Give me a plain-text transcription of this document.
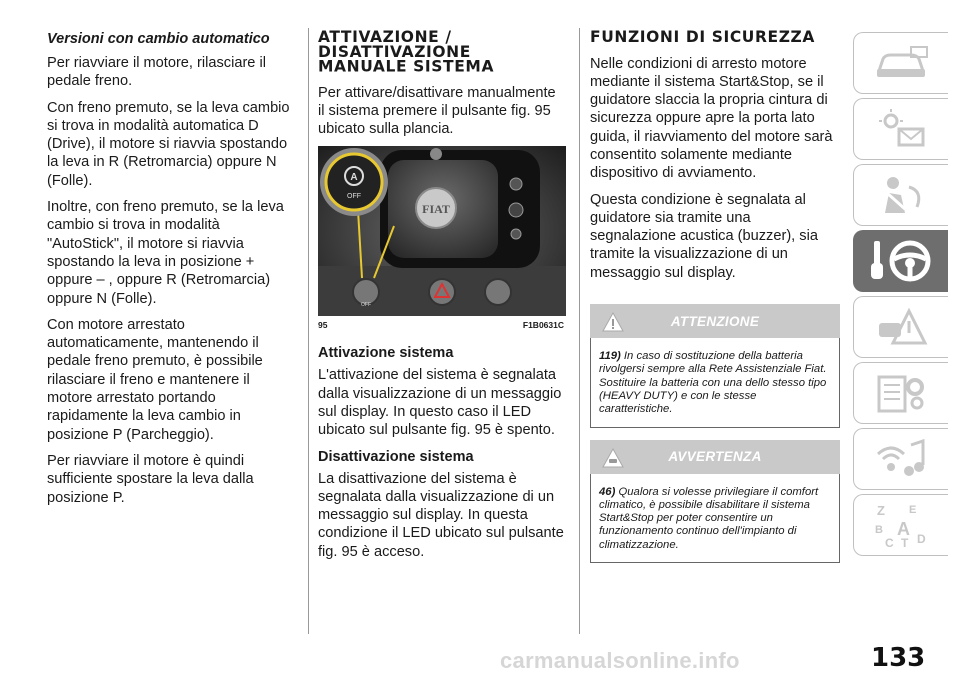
Versioni con cambio automatico

Per riavviare il motore, rilasciare il pedale freno.

Con freno premuto, se la leva cambio si trova in modalità automatica D (Drive), il motore si riavvia spostando la leva in R (Retromarcia) oppure N (Folle).

Inoltre, con freno premuto, se la leva cambio si trova in modalità "AutoStick", il motore si riavvia spostando la leva in posizione + oppure – , oppure R (Retromarcia) oppure N (Folle).

Con motore arrestato automaticamente, mantenendo il pedale freno premuto, è possibile rilasciare il freno e mantenere il motore arrestato portando rapidamente la leva cambio in posizione P (Parcheggio).

Per riavviare il motore è quindi sufficiente spostare la leva dalla posizione P.

ATTIVAZIONE / DISATTIVAZIONE MANUALE SISTEMA

Per attivare/disattivare manualmente il sistema premere il pulsante fig. 95 ubicato sulla plancia.

FIAT
A
OFF
OFF
95	F1B0631C
Attivazione sistema

L'attivazione del sistema è segnalata dalla visualizzazione di un messaggio sul display. In questo caso il LED ubicato sul pulsante fig. 95 è spento.

Disattivazione sistema

La disattivazione del sistema è segnalata dalla visualizzazione di un messaggio sul display. In questa condizione il LED ubicato sul pulsante fig. 95 è acceso.

FUNZIONI DI SICUREZZA

Nelle condizioni di arresto motore mediante il sistema Start&Stop, se il guidatore slaccia la propria cintura di sicurezza oppure apre la porta lato guida, il riavviamento del motore sarà consentito solamente mediante dispositivo di avviamento.

Questa condizione è segnalata al guidatore sia tramite una segnalazione acustica (buzzer), sia tramite la visualizzazione di un messaggio sul display.

ATTENZIONE
119) In caso di sostituzione della batteria rivolgersi sempre alla Rete Assistenziale Fiat. Sostituire la batteria con una dello stesso tipo (HEAVY DUTY) e con le stesse caratteristiche.
AVVERTENZA
46) Qualora si volesse privilegiare il comfort climatico, è possibile disabilitare il sistema Start&Stop per poter consentire un funzionamento continuo dell'impianto di climatizzazione.
Z E
B A
C T D
carmanualsonline.info	133
